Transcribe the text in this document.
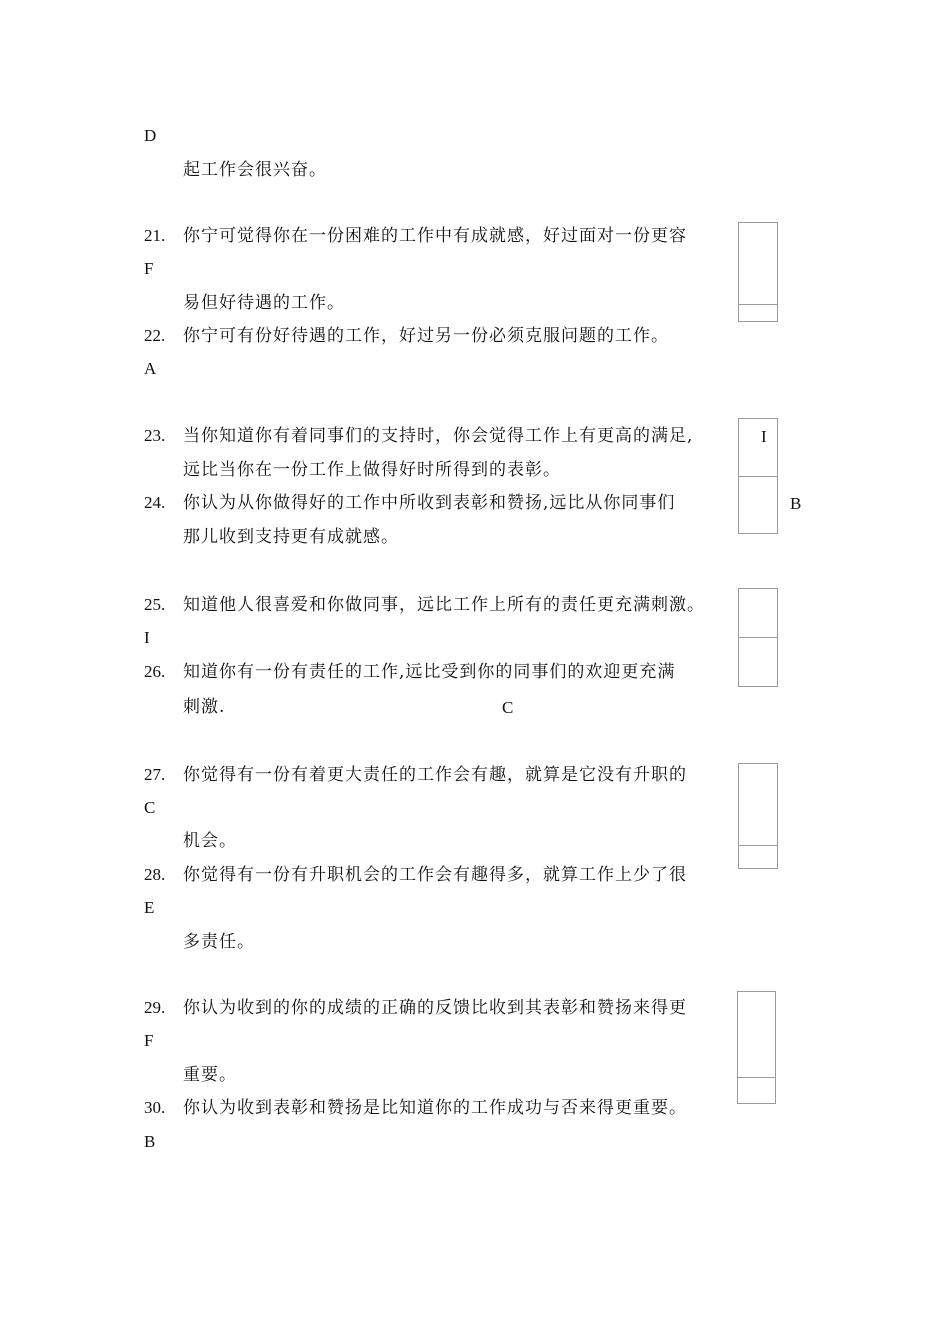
D
起工作会很兴奋。
21. 你宁可觉得你在一份困难的工作中有成就感，好过面对一份更容
F
易但好待遇的工作。
22. 你宁可有份好待遇的工作，好过另一份必须克服问题的工作。
A
23. 当你知道你有着同事们的支持时，你会觉得工作上有更高的满足,
远比当你在一份工作上做得好时所得到的表彰。
24. 你认为从你做得好的工作中所收到表彰和赞扬,远比从你同事们
那儿收到支持更有成就感。
I
B
25. 知道他人很喜爱和你做同事，远比工作上所有的责任更充满刺激。
I
26. 知道你有一份有责任的工作,远比受到你的同事们的欢迎更充满
刺激.	C
27. 你觉得有一份有着更大责任的工作会有趣，就算是它没有升职的
C
机会。
28. 你觉得有一份有升职机会的工作会有趣得多，就算工作上少了很
E
多责任。
29. 你认为收到的你的成绩的正确的反馈比收到其表彰和赞扬来得更
F
重要。
30. 你认为收到表彰和赞扬是比知道你的工作成功与否来得更重要。
B
